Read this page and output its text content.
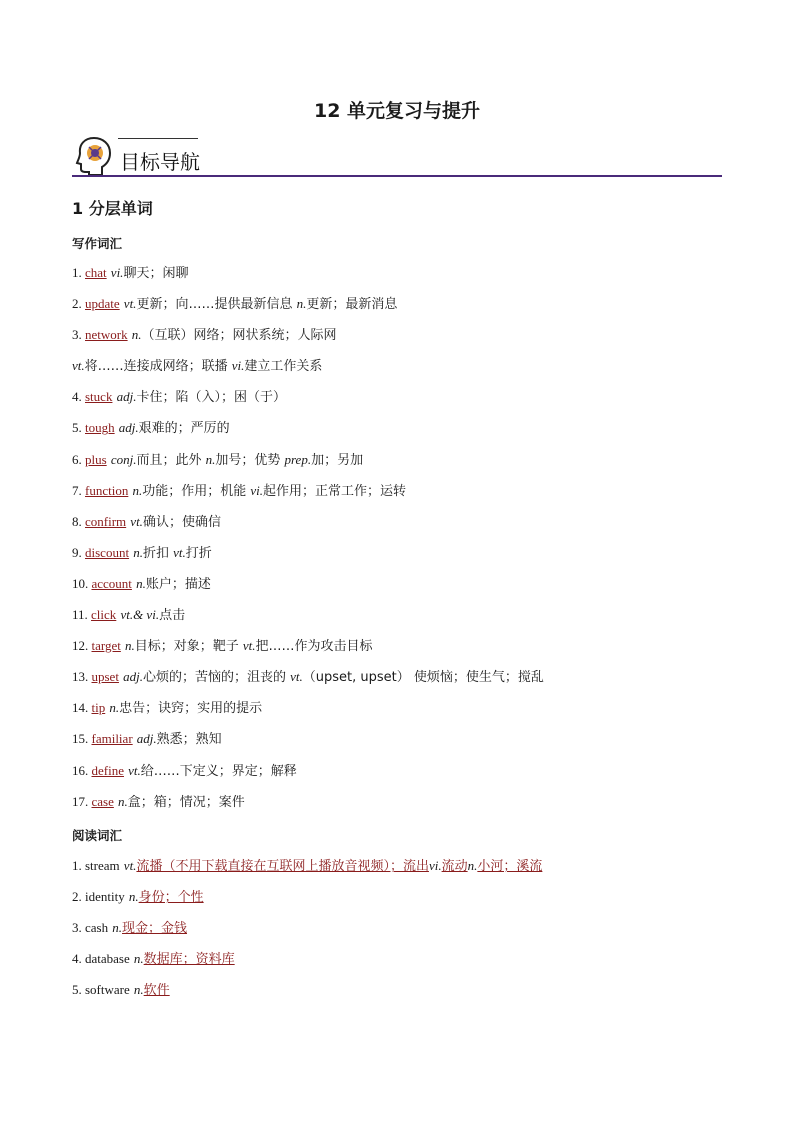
12 单元复习与提升
目标导航
1 分层单词
写作词汇
1. chat vi.聊天；闲聊
2. update vt.更新；向……提供最新信息 n.更新；最新消息
3. network n.（互联）网络；网状系统；人际网
vt.将……连接成网络；联播 vi.建立工作关系
4. stuck adj.卡住；陷（入）；困（于）
5. tough adj.艰难的；严厉的
6. plus conj.而且；此外 n.加号；优势 prep.加；另加
7. function n.功能；作用；机能 vi.起作用；正常工作；运转
8. confirm vt.确认；使确信
9. discount n.折扣 vt.打折
10. account n.账户；描述
11. click vt.& vi.点击
12. target n.目标；对象；靶子 vt.把……作为攻击目标
13. upset adj.心烦的；苦恼的；沮丧的 vt.（upset, upset） 使烦恼；使生气；搅乱
14. tip n.忠告；诀窍；实用的提示
15. familiar adj.熟悉；熟知
16. define vt.给……下定义；界定；解释
17. case n.盒；箱；情况；案件
阅读词汇
1. stream vt.流播（不用下载直接在互联网上播放音视频）；流出vi.流动n.小河；溪流
2. identity n.身份；个性
3. cash n.现金；金钱
4. database n.数据库；资料库
5. software n.软件
